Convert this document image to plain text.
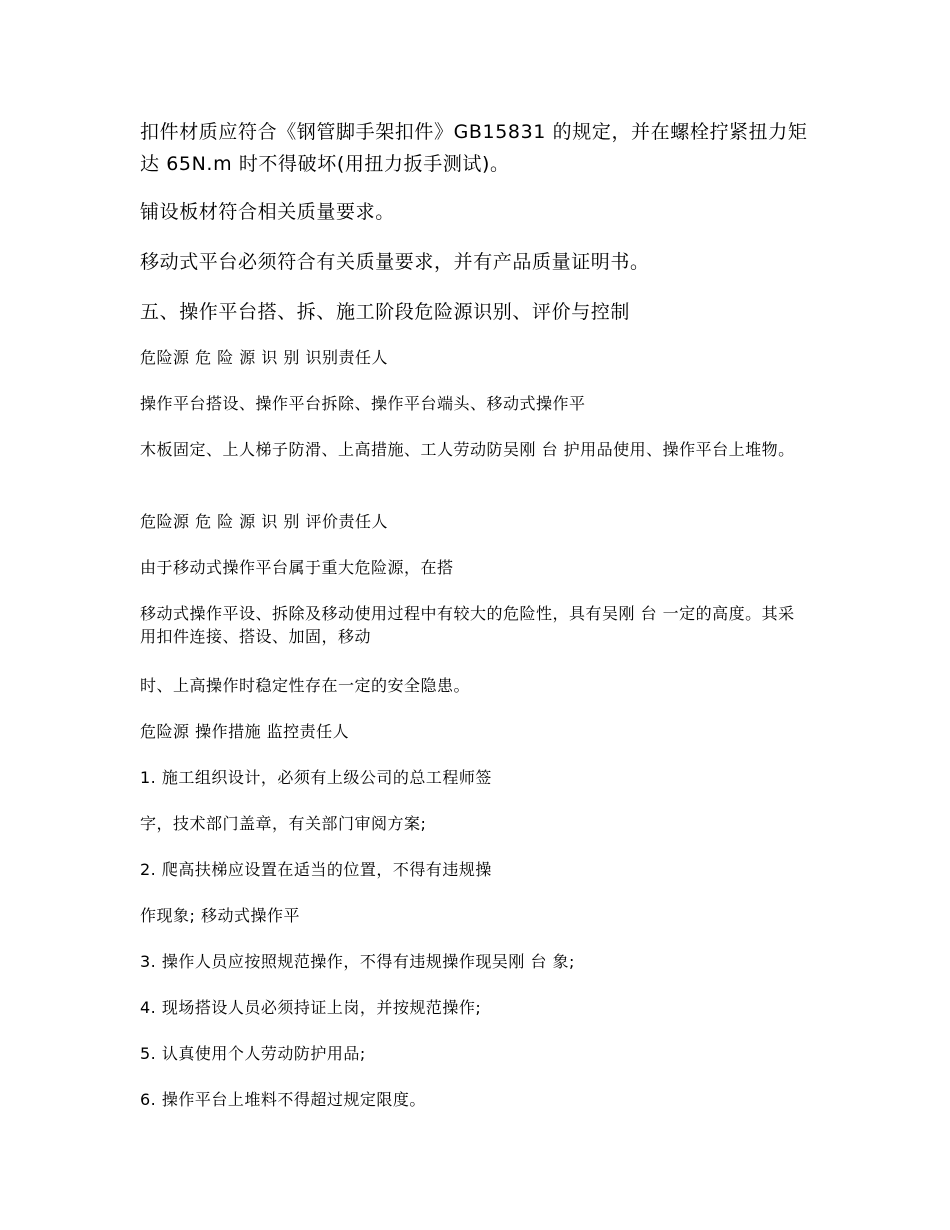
扣件材质应符合《钢管脚手架扣件》GB15831 的规定，并在螺栓拧紧扭力矩达 65N.m 时不得破坏(用扭力扳手测试)。

铺设板材符合相关质量要求。

移动式平台必须符合有关质量要求，并有产品质量证明书。

五、操作平台搭、拆、施工阶段危险源识别、评价与控制

危险源 危 险 源 识 别 识别责任人

操作平台搭设、操作平台拆除、操作平台端头、移动式操作平

木板固定、上人梯子防滑、上高措施、工人劳动防吴刚 台 护用品使用、操作平台上堆物。

危险源 危 险 源 识 别 评价责任人

由于移动式操作平台属于重大危险源，在搭

移动式操作平设、拆除及移动使用过程中有较大的危险性，具有吴刚 台 一定的高度。其采用扣件连接、搭设、加固，移动

时、上高操作时稳定性存在一定的安全隐患。

危险源 操作措施 监控责任人

1. 施工组织设计，必须有上级公司的总工程师签

字，技术部门盖章，有关部门审阅方案;

2. 爬高扶梯应设置在适当的位置，不得有违规操

作现象; 移动式操作平

3. 操作人员应按照规范操作，不得有违规操作现吴刚 台 象;

4. 现场搭设人员必须持证上岗，并按规范操作;

5. 认真使用个人劳动防护用品;

6. 操作平台上堆料不得超过规定限度。
